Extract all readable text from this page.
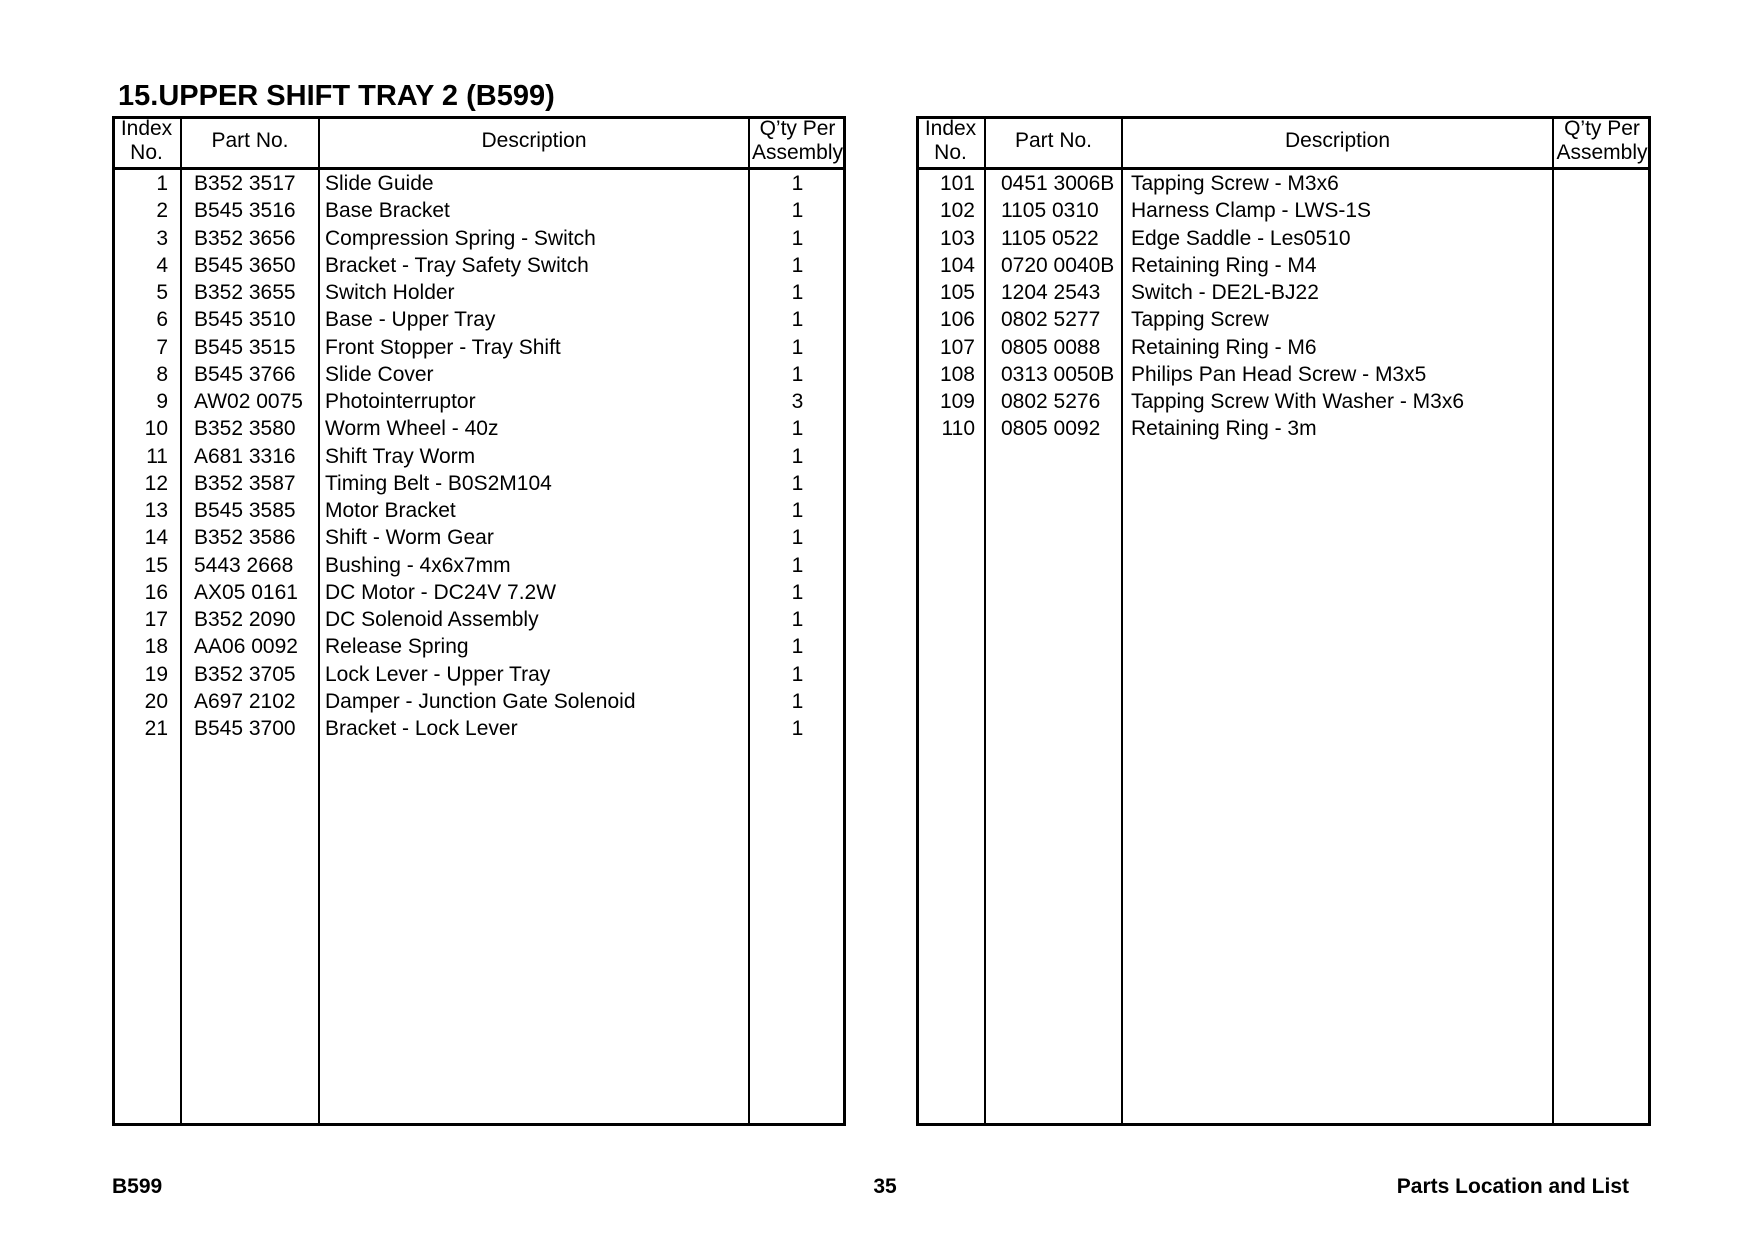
15.UPPER SHIFT TRAY 2 (B599)
Index
No.
Part No.	Description
Q’ty Per
Assembly
1	B352 3517	Slide Guide	1
2	B545 3516	Base Bracket	1
3	B352 3656	Compression Spring - Switch	1
4	B545 3650	Bracket - Tray Safety Switch	1
5	B352 3655	Switch Holder	1
6	B545 3510	Base - Upper Tray	1
7	B545 3515	Front Stopper - Tray Shift	1
8	B545 3766	Slide Cover	1
9	AW02 0075	Photointerruptor	3
10	B352 3580	Worm Wheel - 40z	1
11	A681 3316	Shift Tray Worm	1
12	B352 3587	Timing Belt - B0S2M104	1
13	B545 3585	Motor Bracket	1
14	B352 3586	Shift - Worm Gear	1
15	5443 2668	Bushing - 4x6x7mm	1
16	AX05 0161	DC Motor - DC24V 7.2W	1
17	B352 2090	DC Solenoid Assembly	1
18	AA06 0092	Release Spring	1
19	B352 3705	Lock Lever - Upper Tray	1
20	A697 2102	Damper - Junction Gate Solenoid	1
21	B545 3700	Bracket - Lock Lever	1
Index
No.
Part No.	Description
Q’ty Per
Assembly
101	0451 3006B Tapping Screw - M3x6
102	1105 0310	Harness Clamp - LWS-1S
103	1105 0522	Edge Saddle - Les0510
104	0720 0040B Retaining Ring - M4
105	1204 2543	Switch - DE2L-BJ22
106	0802 5277	Tapping Screw
107	0805 0088	Retaining Ring - M6
108	0313 0050B Philips Pan Head Screw - M3x5
109	0802 5276	Tapping Screw With Washer - M3x6
110	0805 0092	Retaining Ring - 3m
B599	35	Parts Location and List
